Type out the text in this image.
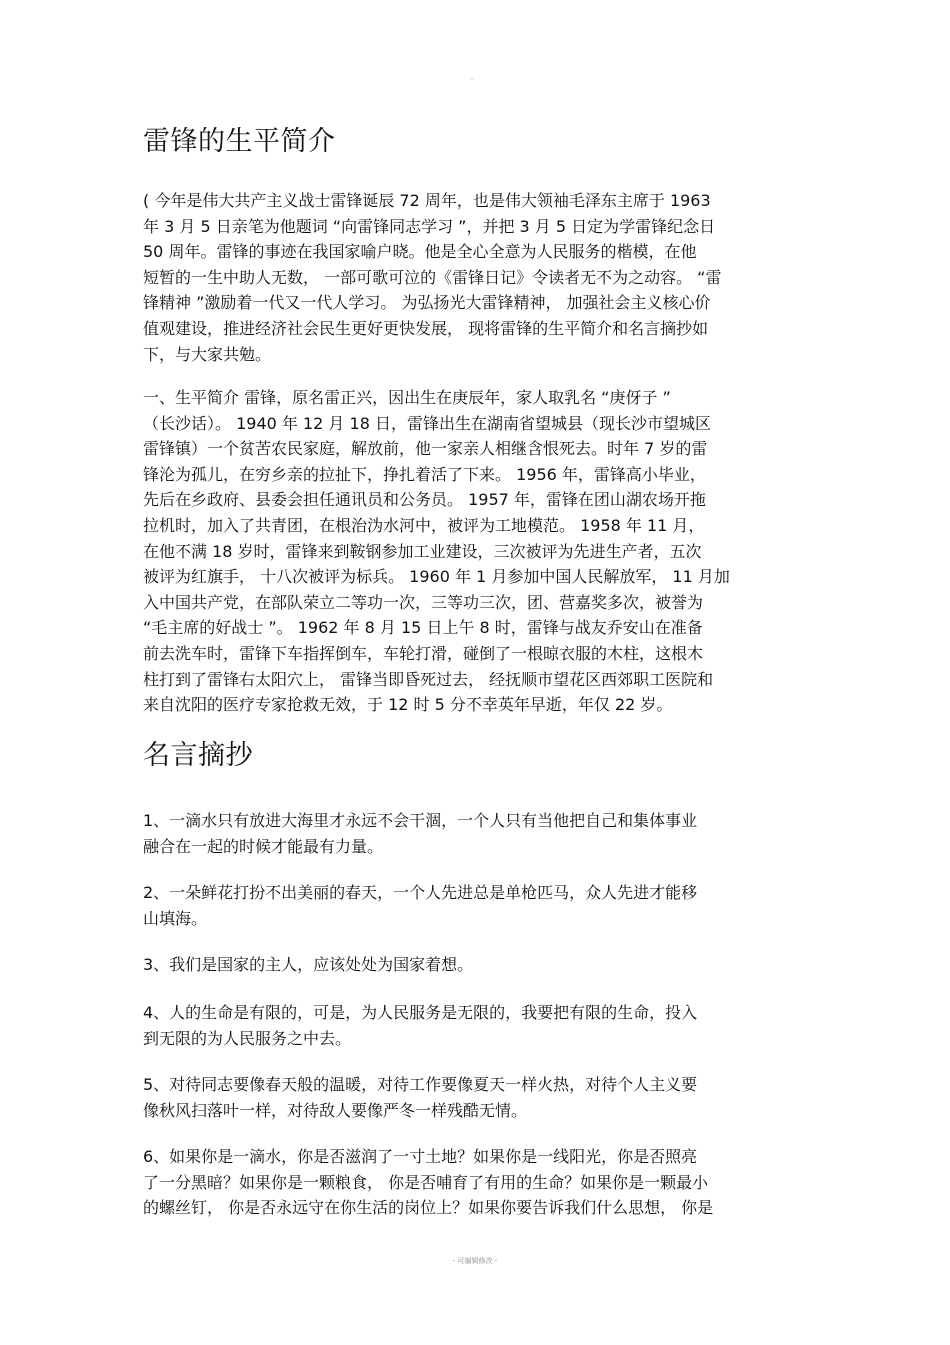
。
雷锋的生平简介
( 今年是伟大共产主义战士雷锋诞辰 72 周年，也是伟大领袖毛泽东主席于 1963
年 3 月 5 日亲笔为他题词 “向雷锋同志学习 ”，并把 3 月 5 日定为学雷锋纪念日
50 周年。雷锋的事迹在我国家喻户晓。他是全心全意为人民服务的楷模，在他
短暂的一生中助人无数， 一部可歌可泣的《雷锋日记》令读者无不为之动容。 “雷
锋精神 ”激励着一代又一代人学习。 为弘扬光大雷锋精神， 加强社会主义核心价
值观建设，推进经济社会民生更好更快发展， 现将雷锋的生平简介和名言摘抄如
下，与大家共勉。
一、生平简介 雷锋，原名雷正兴，因出生在庚辰年，家人取乳名 “庚伢子 ”
（长沙话）。 1940 年 12 月 18 日，雷锋出生在湖南省望城县（现长沙市望城区
雷锋镇）一个贫苦农民家庭，解放前，他一家亲人相继含恨死去。时年 7 岁的雷
锋沦为孤儿，在穷乡亲的拉扯下，挣扎着活了下来。 1956 年，雷锋高小毕业，
先后在乡政府、县委会担任通讯员和公务员。 1957 年，雷锋在团山湖农场开拖
拉机时，加入了共青团，在根治沩水河中，被评为工地模范。 1958 年 11 月，
在他不满 18 岁时，雷锋来到鞍钢参加工业建设，三次被评为先进生产者，五次
被评为红旗手， 十八次被评为标兵。 1960 年 1 月参加中国人民解放军， 11 月加
入中国共产党，在部队荣立二等功一次，三等功三次，团、营嘉奖多次，被誉为
“毛主席的好战士 ”。 1962 年 8 月 15 日上午 8 时，雷锋与战友乔安山在准备
前去洗车时，雷锋下车指挥倒车，车轮打滑，碰倒了一根晾衣服的木柱，这根木
柱打到了雷锋右太阳穴上， 雷锋当即昏死过去， 经抚顺市望花区西郊职工医院和
来自沈阳的医疗专家抢救无效，于 12 时 5 分不幸英年早逝，年仅 22 岁。
名言摘抄
1、一滴水只有放进大海里才永远不会干涸，一个人只有当他把自己和集体事业
融合在一起的时候才能最有力量。
2、一朵鲜花打扮不出美丽的春天，一个人先进总是单枪匹马，众人先进才能移
山填海。
3、我们是国家的主人，应该处处为国家着想。
4、人的生命是有限的，可是，为人民服务是无限的，我要把有限的生命，投入
到无限的为人民服务之中去。
5、对待同志要像春天般的温暖，对待工作要像夏天一样火热，对待个人主义要
像秋风扫落叶一样，对待敌人要像严冬一样残酷无情。
6、如果你是一滴水，你是否滋润了一寸土地？如果你是一线阳光，你是否照亮
了一分黑暗？如果你是一颗粮食， 你是否哺育了有用的生命？如果你是一颗最小
的螺丝钉， 你是否永远守在你生活的岗位上？如果你要告诉我们什么思想， 你是
- 可编辑修改 -
